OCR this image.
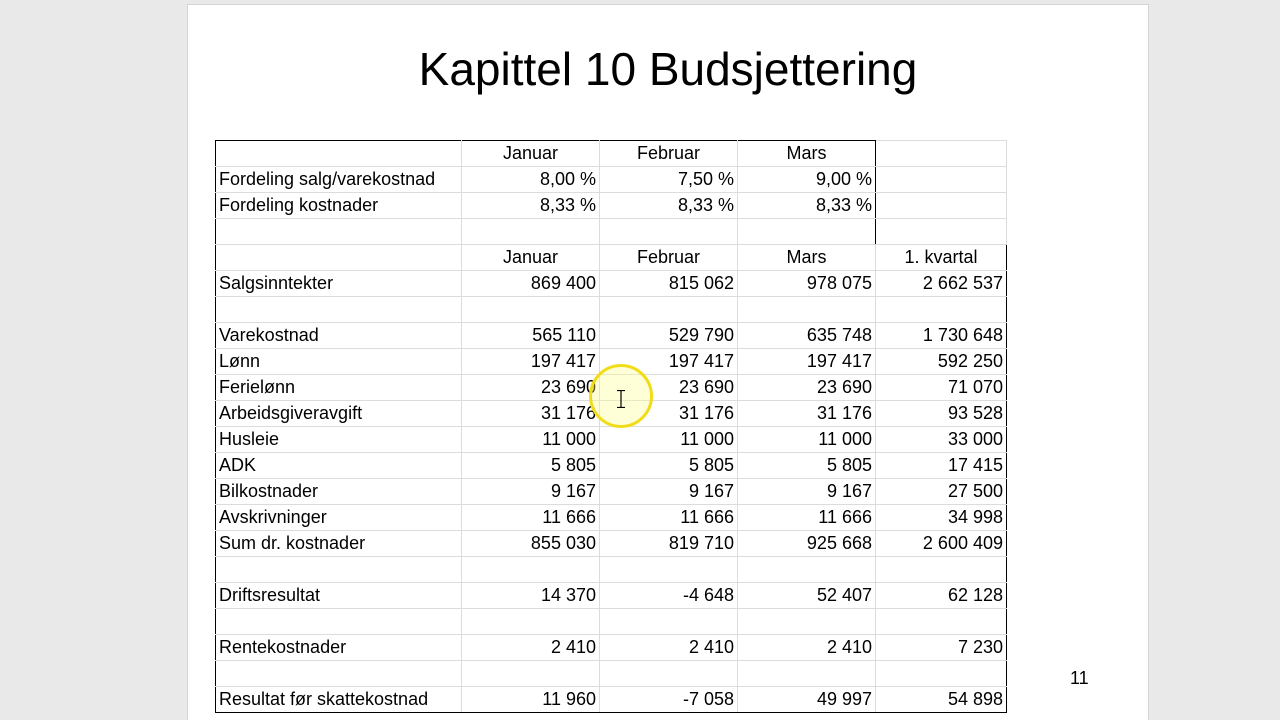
Kapittel 10 Budsjettering
	Januar	Februar	Mars	
Fordeling salg/varekostnad	8,00 %	7,50 %	9,00 %	
Fordeling kostnader	8,33 %	8,33 %	8,33 %	

	Januar	Februar	Mars	1. kvartal
Salgsinntekter	869 400	815 062	978 075	2 662 537

Varekostnad	565 110	529 790	635 748	1 730 648
Lønn	197 417	197 417	197 417	592 250
Ferielønn	23 690	23 690	23 690	71 070
Arbeidsgiveravgift	31 176	31 176	31 176	93 528
Husleie	11 000	11 000	11 000	33 000
ADK	5 805	5 805	5 805	17 415
Bilkostnader	9 167	9 167	9 167	27 500
Avskrivninger	11 666	11 666	11 666	34 998
Sum dr. kostnader	855 030	819 710	925 668	2 600 409

Driftsresultat	14 370	-4 648	52 407	62 128

Rentekostnader	2 410	2 410	2 410	7 230

Resultat før skattekostnad	11 960	-7 058	49 997	54 898
11
